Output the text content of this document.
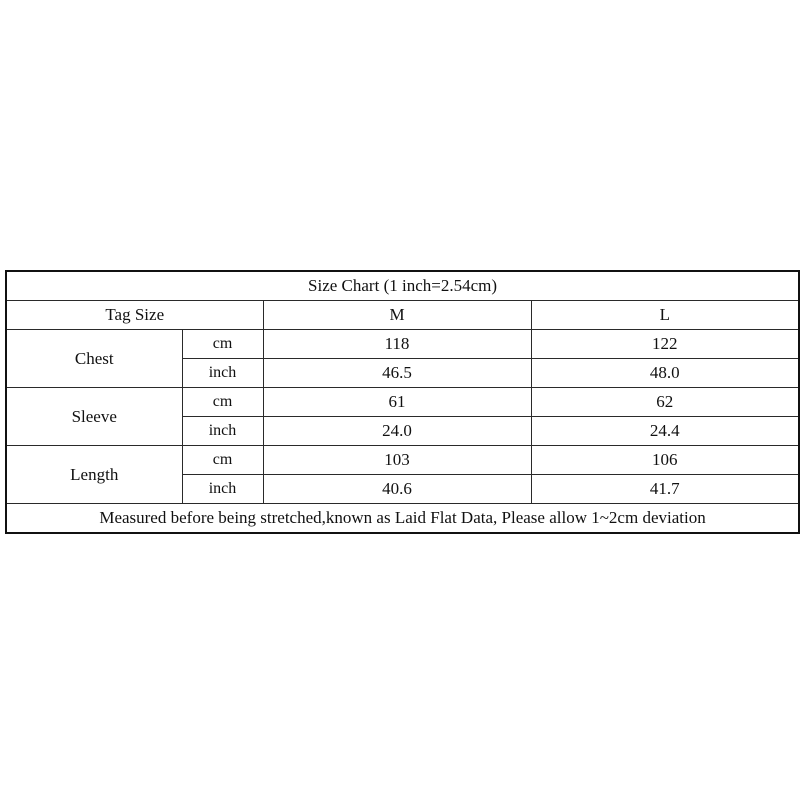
Size Chart (1 inch=2.54cm)			
Tag Size		M	L
Chest	cm	118	122
	inch	46.5	48.0
Sleeve	cm	61	62
	inch	24.0	24.4
Length	cm	103	106
	inch	40.6	41.7
Measured before being stretched,known as Laid Flat Data, Please allow 1~2cm deviation			
